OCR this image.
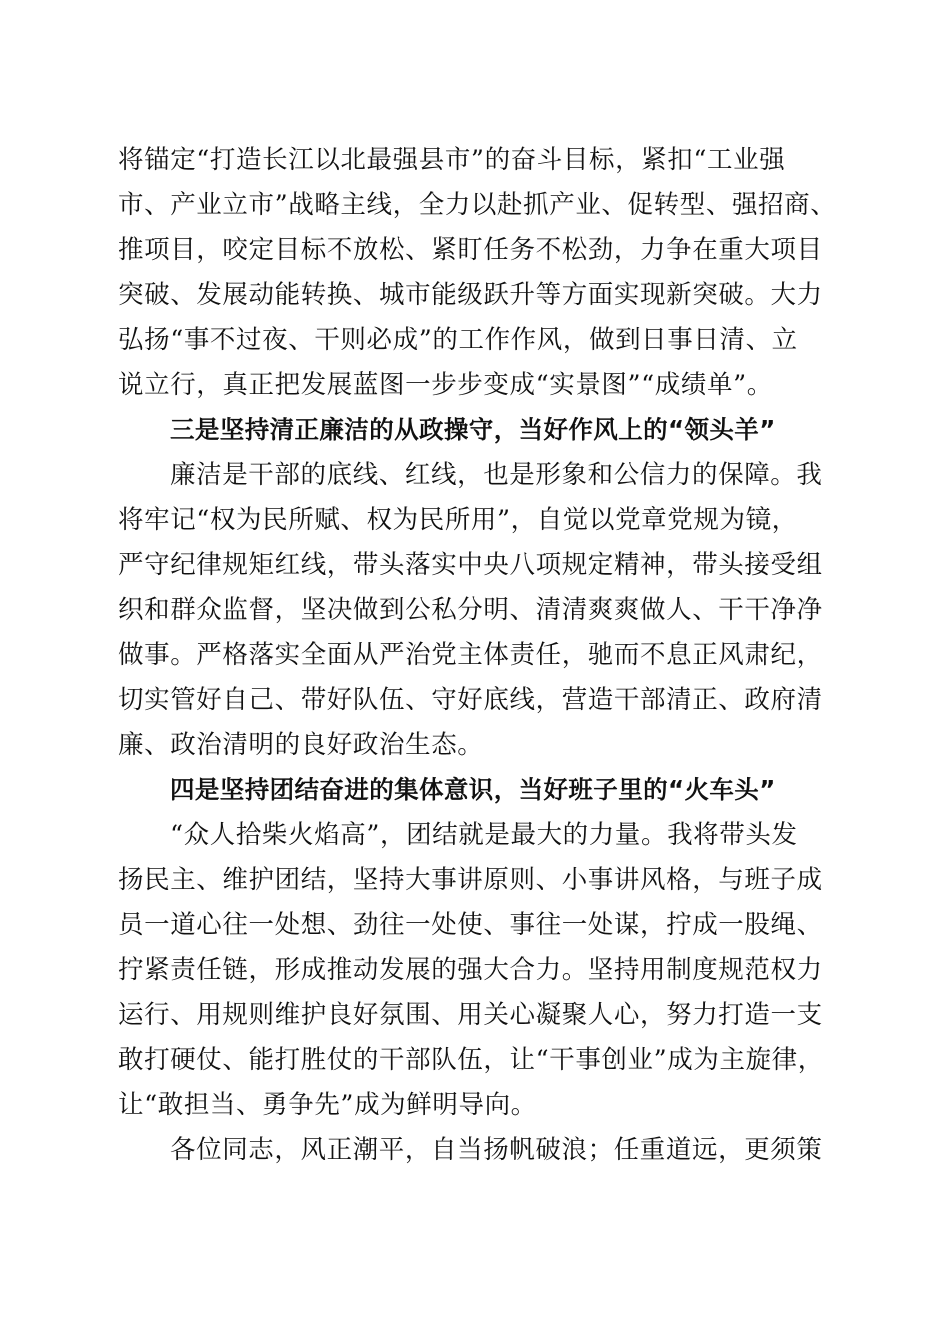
将锚定“打造长江以北最强县市”的奋斗目标，紧扣“工业强
市、产业立市”战略主线，全力以赴抓产业、促转型、强招商、
推项目，咬定目标不放松、紧盯任务不松劲，力争在重大项目
突破、发展动能转换、城市能级跃升等方面实现新突破。大力
弘扬“事不过夜、干则必成”的工作作风，做到日事日清、立
说立行，真正把发展蓝图一步步变成“实景图”“成绩单”。
三是坚持清正廉洁的从政操守，当好作风上的“领头羊”
廉洁是干部的底线、红线，也是形象和公信力的保障。我
将牢记“权为民所赋、权为民所用”，自觉以党章党规为镜，
严守纪律规矩红线，带头落实中央八项规定精神，带头接受组
织和群众监督，坚决做到公私分明、清清爽爽做人、干干净净
做事。严格落实全面从严治党主体责任，驰而不息正风肃纪，
切实管好自己、带好队伍、守好底线，营造干部清正、政府清
廉、政治清明的良好政治生态。
四是坚持团结奋进的集体意识，当好班子里的“火车头”
“众人拾柴火焰高”，团结就是最大的力量。我将带头发
扬民主、维护团结，坚持大事讲原则、小事讲风格，与班子成
员一道心往一处想、劲往一处使、事往一处谋，拧成一股绳、
拧紧责任链，形成推动发展的强大合力。坚持用制度规范权力
运行、用规则维护良好氛围、用关心凝聚人心，努力打造一支
敢打硬仗、能打胜仗的干部队伍，让“干事创业”成为主旋律，
让“敢担当、勇争先”成为鲜明导向。
各位同志，风正潮平，自当扬帆破浪；任重道远，更须策
